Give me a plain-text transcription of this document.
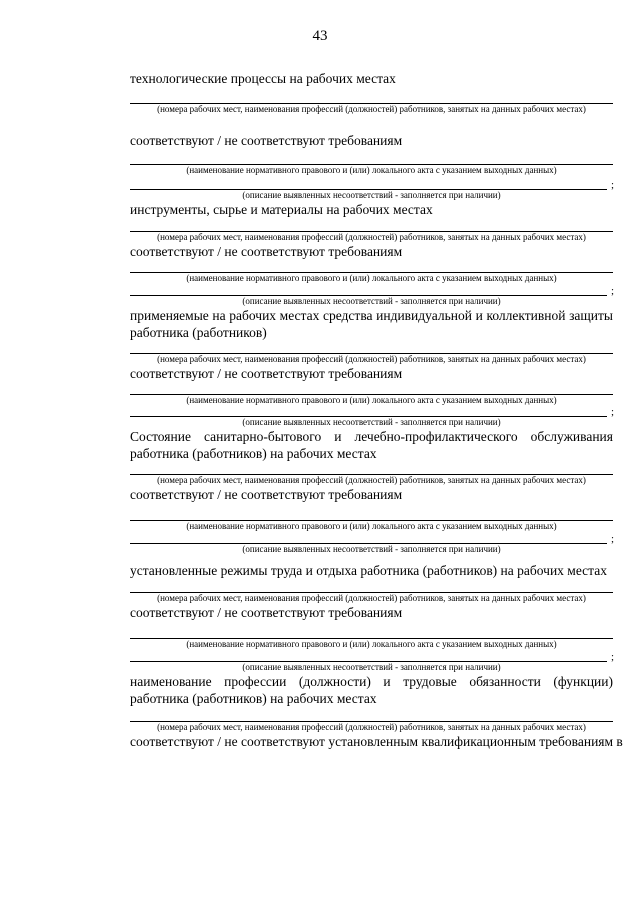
43
технологические процессы на рабочих местах
(номера рабочих мест, наименования профессий (должностей) работников, занятых на данных рабочих местах)
соответствуют / не соответствуют требованиям
(наименование нормативного правового и (или) локального акта с указанием выходных данных)
;
(описание выявленных несоответствий - заполняется при наличии)
инструменты, сырье и материалы на рабочих местах
(номера рабочих мест, наименования профессий (должностей) работников, занятых на данных рабочих местах)
соответствуют / не соответствуют требованиям
(наименование нормативного правового и (или) локального акта с указанием выходных данных)
;
(описание выявленных несоответствий - заполняется при наличии)
применяемые на рабочих местах средства индивидуальной и коллективной защиты работника (работников)
(номера рабочих мест, наименования профессий (должностей) работников, занятых на данных рабочих местах)
соответствуют / не соответствуют требованиям
(наименование нормативного правового и (или) локального акта с указанием выходных данных)
;
(описание выявленных несоответствий - заполняется при наличии)
Состояние санитарно-бытового и лечебно-профилактического обслуживания работника (работников) на рабочих местах
(номера рабочих мест, наименования профессий (должностей) работников, занятых на данных рабочих местах)
соответствуют / не соответствуют требованиям
(наименование нормативного правового и (или) локального акта с указанием выходных данных)
;
(описание выявленных несоответствий - заполняется при наличии)
установленные режимы труда и отдыха работника (работников) на рабочих местах
(номера рабочих мест, наименования профессий (должностей) работников, занятых на данных рабочих местах)
соответствуют / не соответствуют требованиям
(наименование нормативного правового и (или) локального акта с указанием выходных данных)
;
(описание выявленных несоответствий - заполняется при наличии)
наименование профессии (должности) и трудовые обязанности (функции) работника (работников) на рабочих местах
(номера рабочих мест, наименования профессий (должностей) работников, занятых на данных рабочих местах)
соответствуют / не соответствуют установленным квалификационным требованиям в
